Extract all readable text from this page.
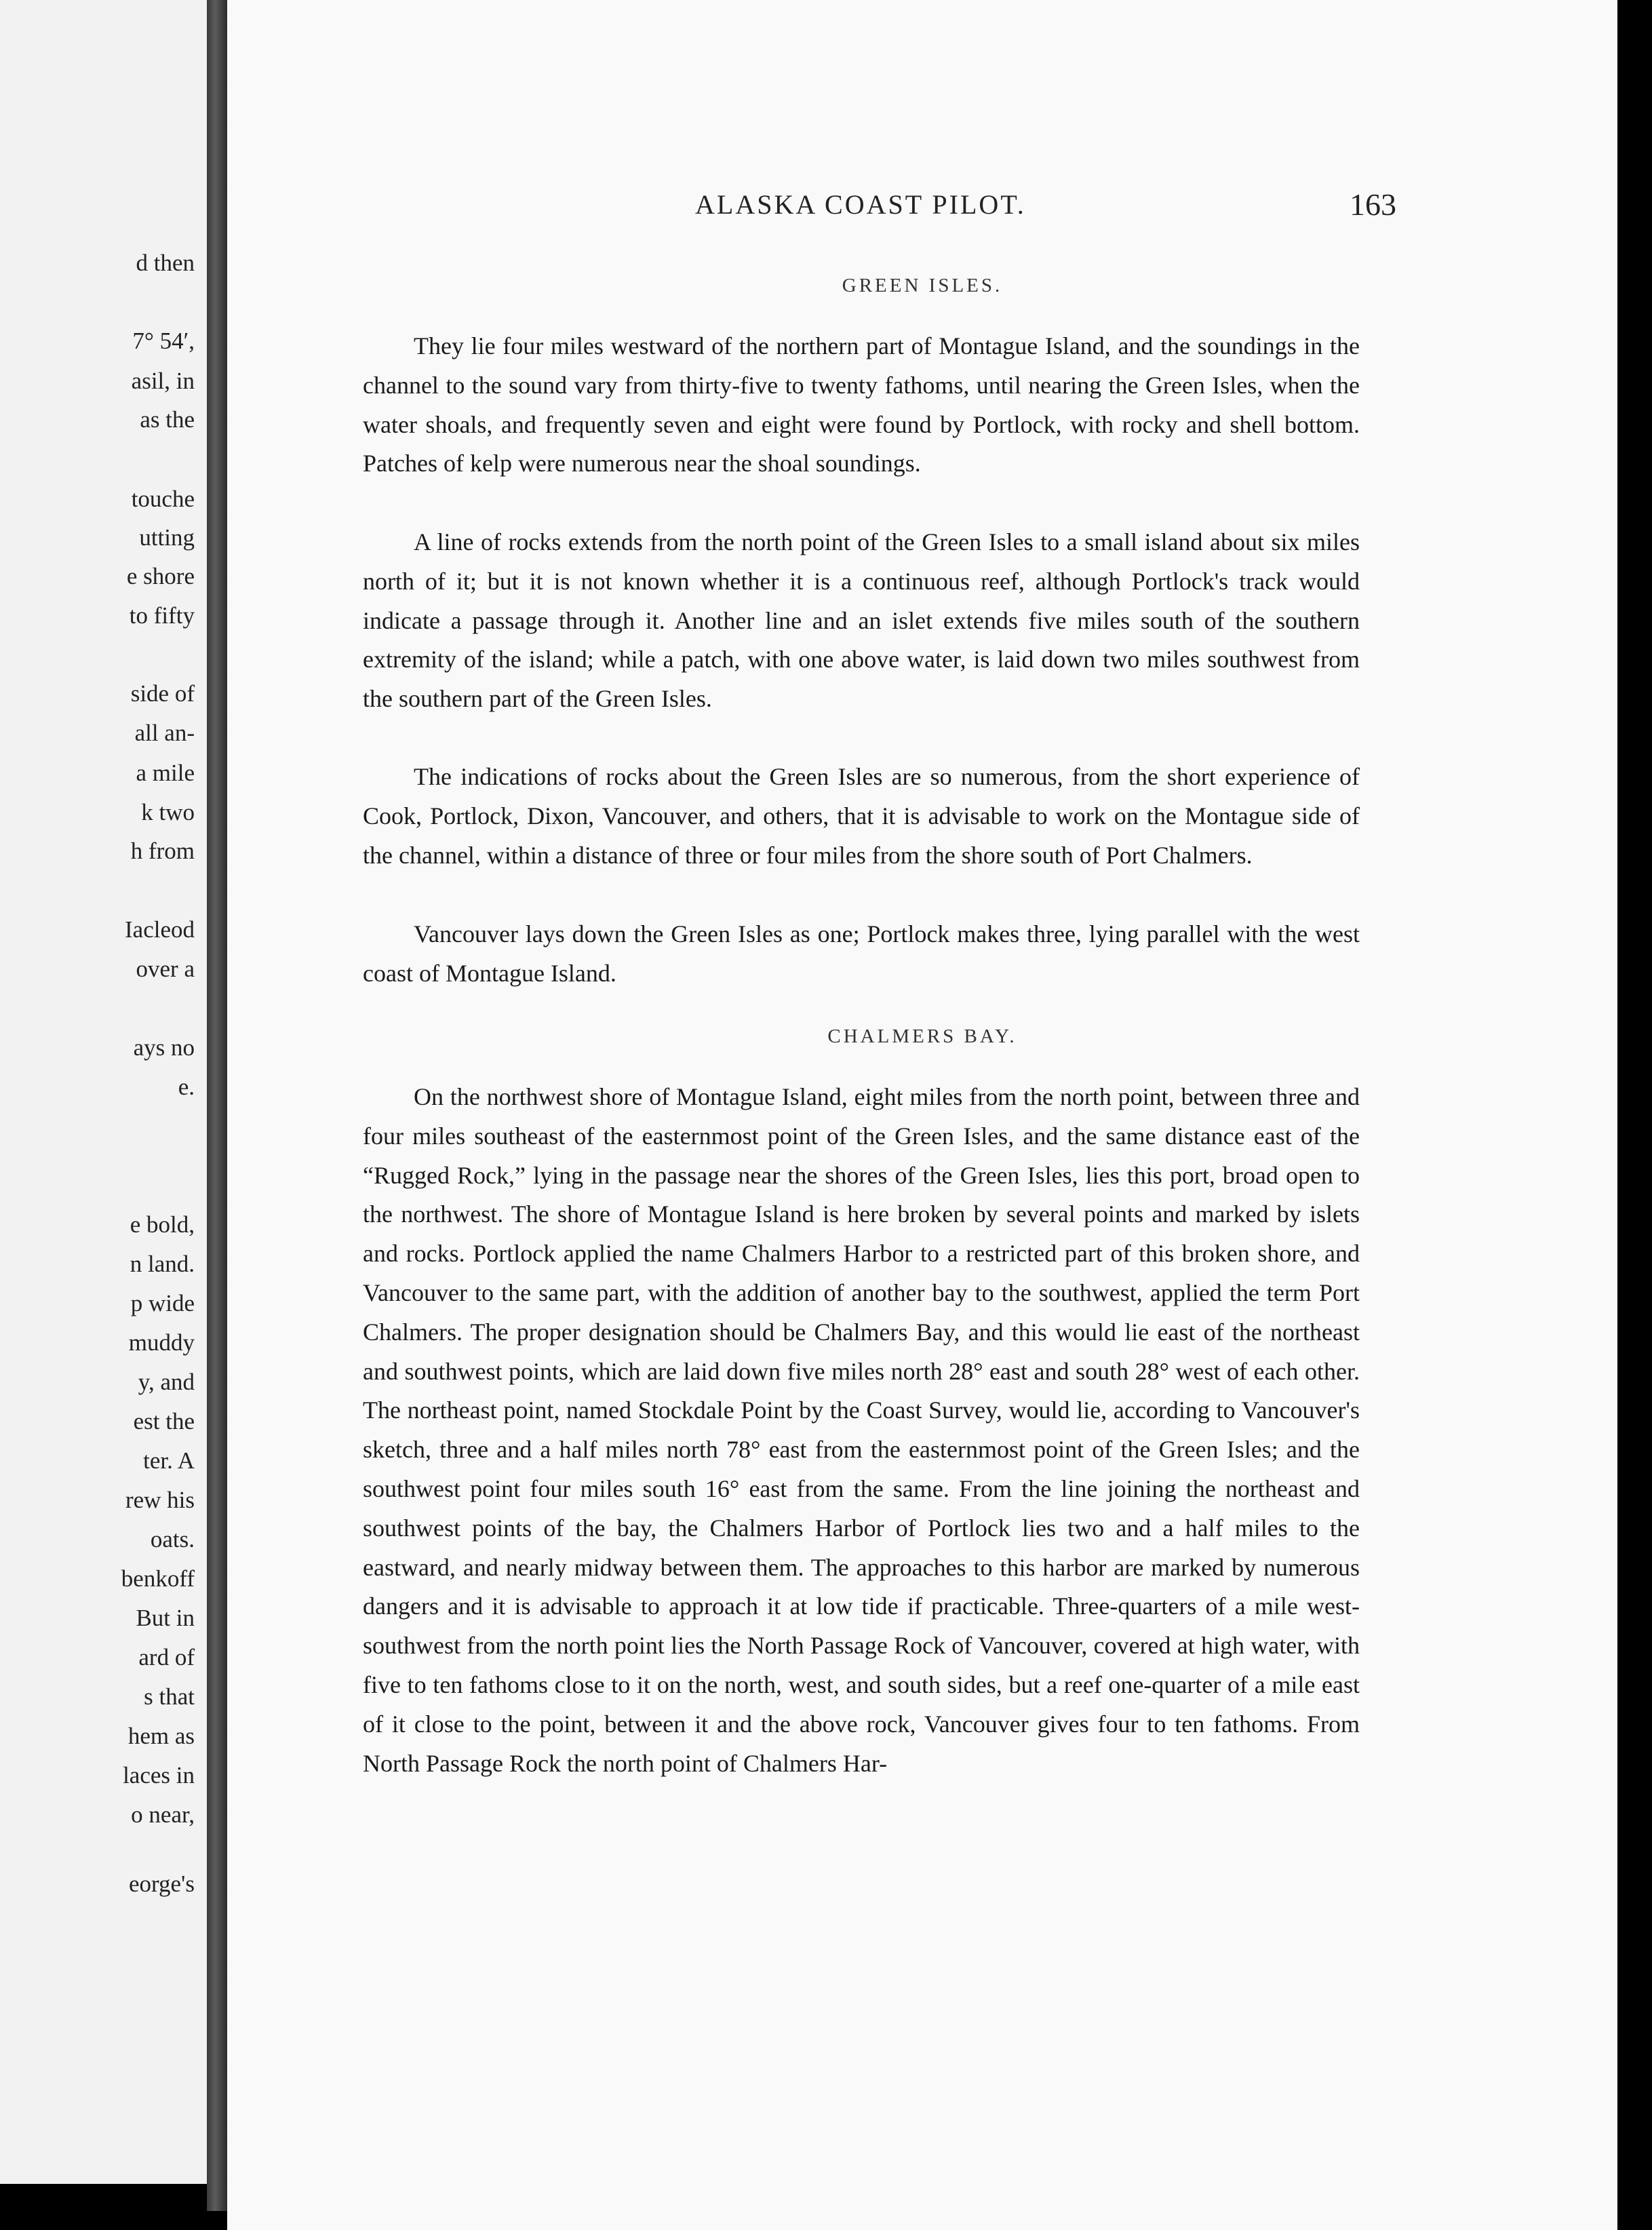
d then
7° 54′,
asil, in
as the
touche
utting
e shore
to fifty
side of
all an-
a mile
k two
h from
Iacleod
over a
ays no
e.
e bold,
n land.
p wide
muddy
y, and
est the
ter. A
rew his
oats.
benkoff
But in
ard of
s that
hem as
laces in
o near,
eorge's
ALASKA COAST PILOT.	163
GREEN ISLES.

They lie four miles westward of the northern part of Montague Island, and the soundings in the channel to the sound vary from thirty-five to twenty fathoms, until nearing the Green Isles, when the water shoals, and frequently seven and eight were found by Portlock, with rocky and shell bottom. Patches of kelp were numerous near the shoal soundings.

A line of rocks extends from the north point of the Green Isles to a small island about six miles north of it; but it is not known whether it is a continuous reef, although Portlock's track would indicate a passage through it. Another line and an islet extends five miles south of the southern extremity of the island; while a patch, with one above water, is laid down two miles southwest from the southern part of the Green Isles.

The indications of rocks about the Green Isles are so numerous, from the short experience of Cook, Portlock, Dixon, Vancouver, and others, that it is advisable to work on the Montague side of the channel, within a distance of three or four miles from the shore south of Port Chalmers.

Vancouver lays down the Green Isles as one; Portlock makes three, lying parallel with the west coast of Montague Island.

CHALMERS BAY.

On the northwest shore of Montague Island, eight miles from the north point, between three and four miles southeast of the easternmost point of the Green Isles, and the same distance east of the “Rugged Rock,” lying in the passage near the shores of the Green Isles, lies this port, broad open to the northwest. The shore of Montague Island is here broken by several points and marked by islets and rocks. Portlock applied the name Chalmers Harbor to a restricted part of this broken shore, and Vancouver to the same part, with the addition of another bay to the southwest, applied the term Port Chalmers. The proper designation should be Chalmers Bay, and this would lie east of the northeast and southwest points, which are laid down five miles north 28° east and south 28° west of each other. The northeast point, named Stockdale Point by the Coast Survey, would lie, according to Vancouver's sketch, three and a half miles north 78° east from the easternmost point of the Green Isles; and the southwest point four miles south 16° east from the same. From the line joining the northeast and southwest points of the bay, the Chalmers Harbor of Portlock lies two and a half miles to the eastward, and nearly midway between them. The approaches to this harbor are marked by numerous dangers and it is advisable to approach it at low tide if practicable. Three-quarters of a mile west-southwest from the north point lies the North Passage Rock of Vancouver, covered at high water, with five to ten fathoms close to it on the north, west, and south sides, but a reef one-quarter of a mile east of it close to the point, between it and the above rock, Vancouver gives four to ten fathoms. From North Passage Rock the north point of Chalmers Har-
